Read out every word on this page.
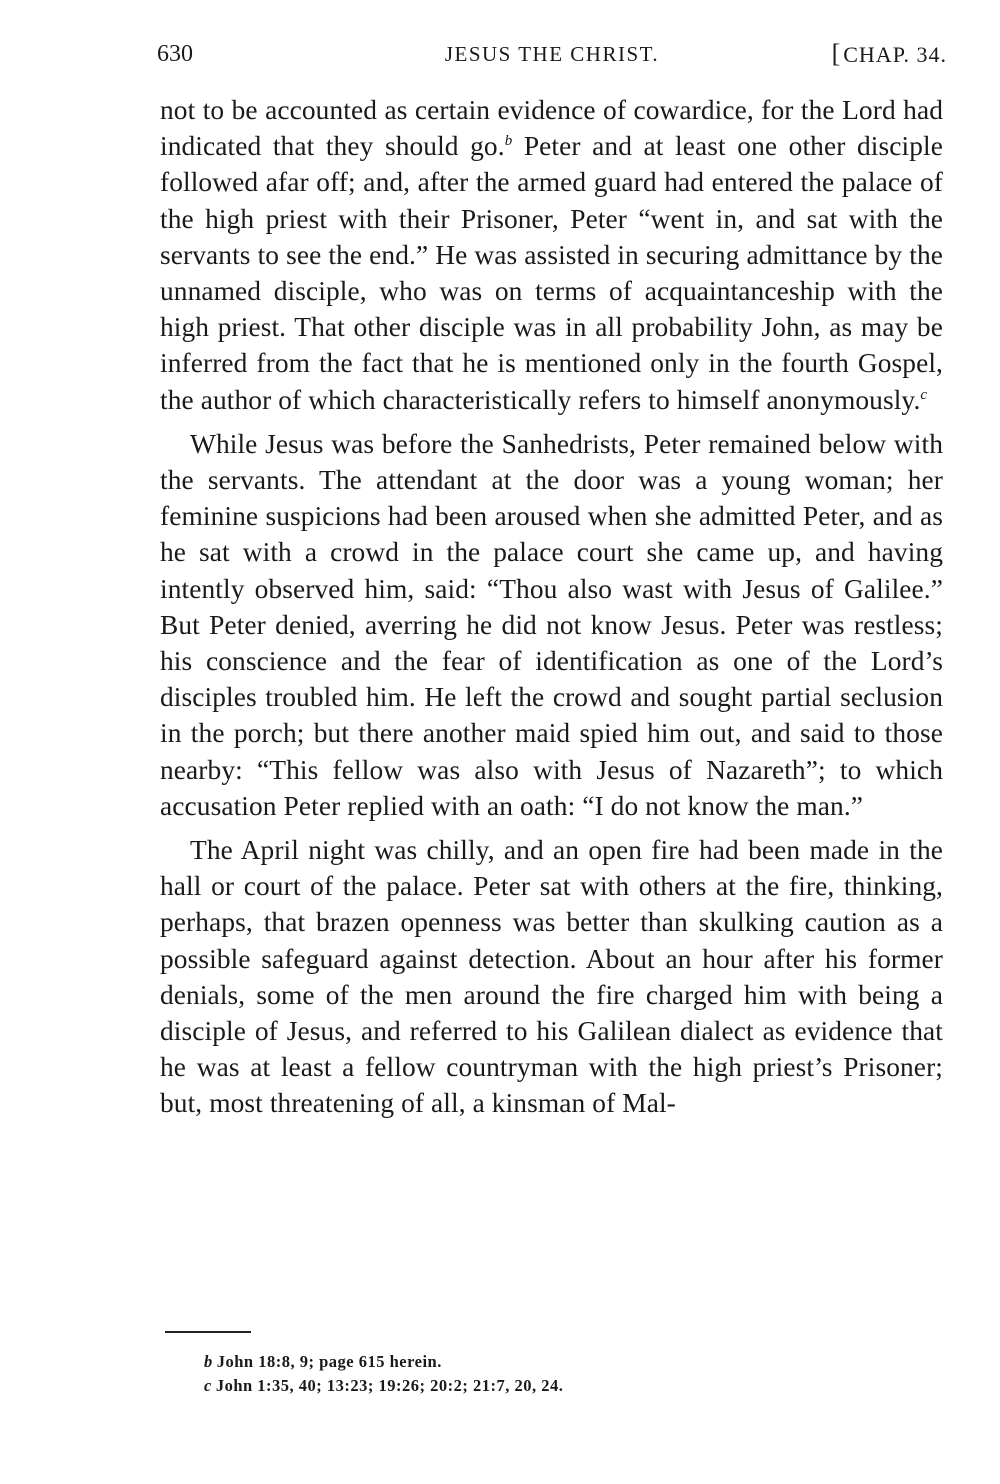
630	JESUS THE CHRIST.	[CHAP. 34.

not to be accounted as certain evidence of cowardice, for the Lord had indicated that they should go.$^b$ Peter and at least one other disciple followed afar off; and, after the armed guard had entered the palace of the high priest with their Prisoner, Peter “went in, and sat with the servants to see the end.” He was assisted in securing admittance by the unnamed disciple, who was on terms of acquaintanceship with the high priest. That other disciple was in all probability John, as may be inferred from the fact that he is mentioned only in the fourth Gospel, the author of which characteristically refers to himself anonymously.$^c$

While Jesus was before the Sanhedrists, Peter remained below with the servants. The attendant at the door was a young woman; her feminine suspicions had been aroused when she admitted Peter, and as he sat with a crowd in the palace court she came up, and having intently observed him, said: “Thou also wast with Jesus of Galilee.” But Peter denied, averring he did not know Jesus. Peter was restless; his conscience and the fear of identification as one of the Lord’s disciples troubled him. He left the crowd and sought partial seclusion in the porch; but there another maid spied him out, and said to those nearby: “This fellow was also with Jesus of Nazareth”; to which accusation Peter replied with an oath: “I do not know the man.”

The April night was chilly, and an open fire had been made in the hall or court of the palace. Peter sat with others at the fire, thinking, perhaps, that brazen openness was better than skulking caution as a possible safeguard against detection. About an hour after his former denials, some of the men around the fire charged him with being a disciple of Jesus, and referred to his Galilean dialect as evidence that he was at least a fellow countryman with the high priest’s Prisoner; but, most threatening of all, a kinsman of Mal-

b John 18:8, 9; page 615 herein.
c John 1:35, 40; 13:23; 19:26; 20:2; 21:7, 20, 24.
